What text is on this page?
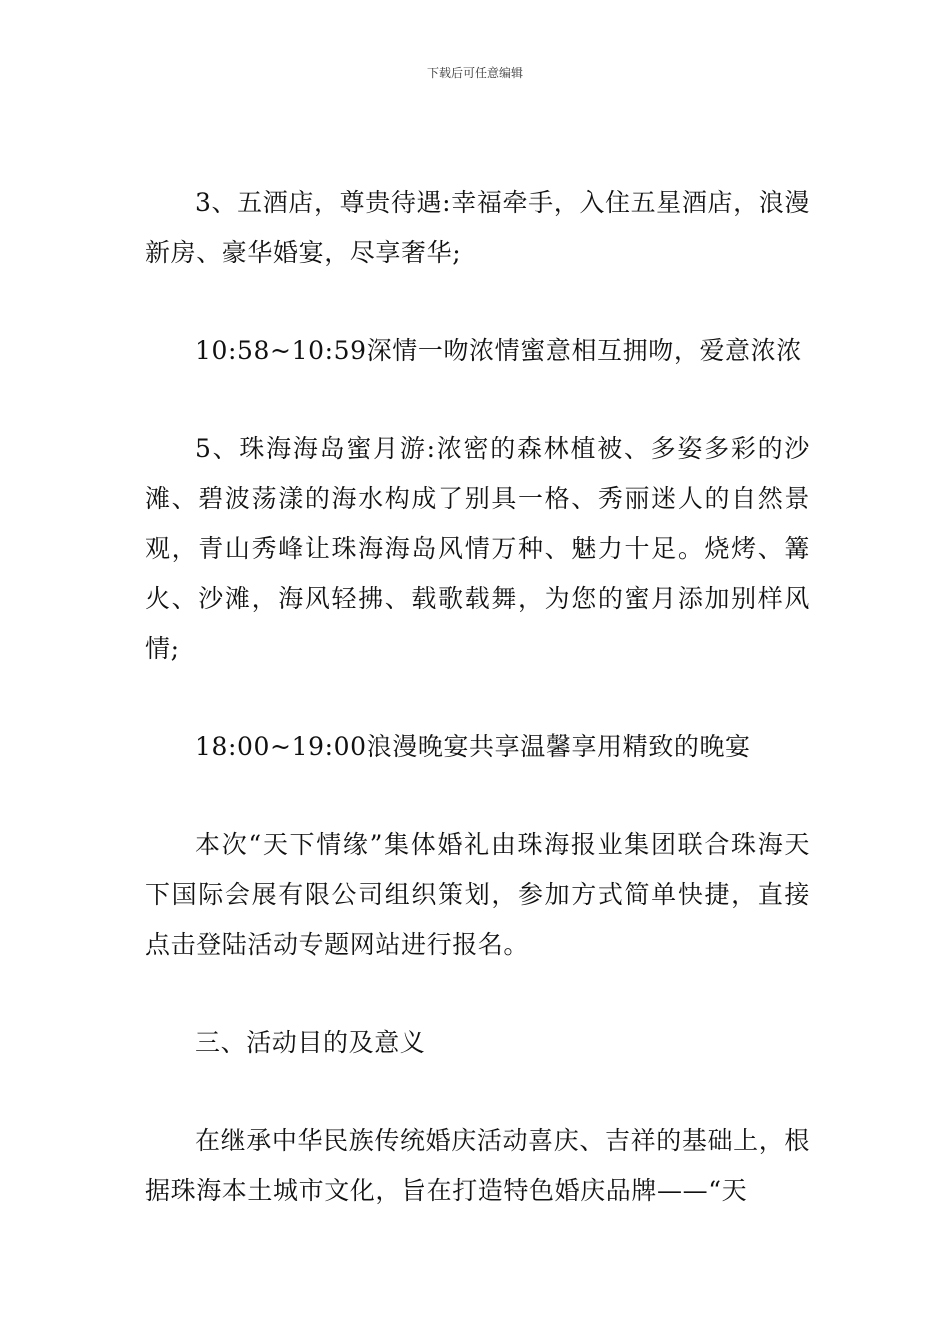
下载后可任意编辑

3、五酒店，尊贵待遇:幸福牵手，入住五星酒店，浪漫新房、豪华婚宴，尽享奢华;

10:58~10:59深情一吻浓情蜜意相互拥吻，爱意浓浓

5、珠海海岛蜜月游:浓密的森林植被、多姿多彩的沙滩、碧波荡漾的海水构成了别具一格、秀丽迷人的自然景观，青山秀峰让珠海海岛风情万种、魅力十足。烧烤、篝火、沙滩，海风轻拂、载歌载舞，为您的蜜月添加别样风情;

18:00~19:00浪漫晚宴共享温馨享用精致的晚宴

本次“天下情缘”集体婚礼由珠海报业集团联合珠海天下国际会展有限公司组织策划，参加方式简单快捷，直接点击登陆活动专题网站进行报名。

三、活动目的及意义

在继承中华民族传统婚庆活动喜庆、吉祥的基础上，根据珠海本土城市文化，旨在打造特色婚庆品牌——“天
